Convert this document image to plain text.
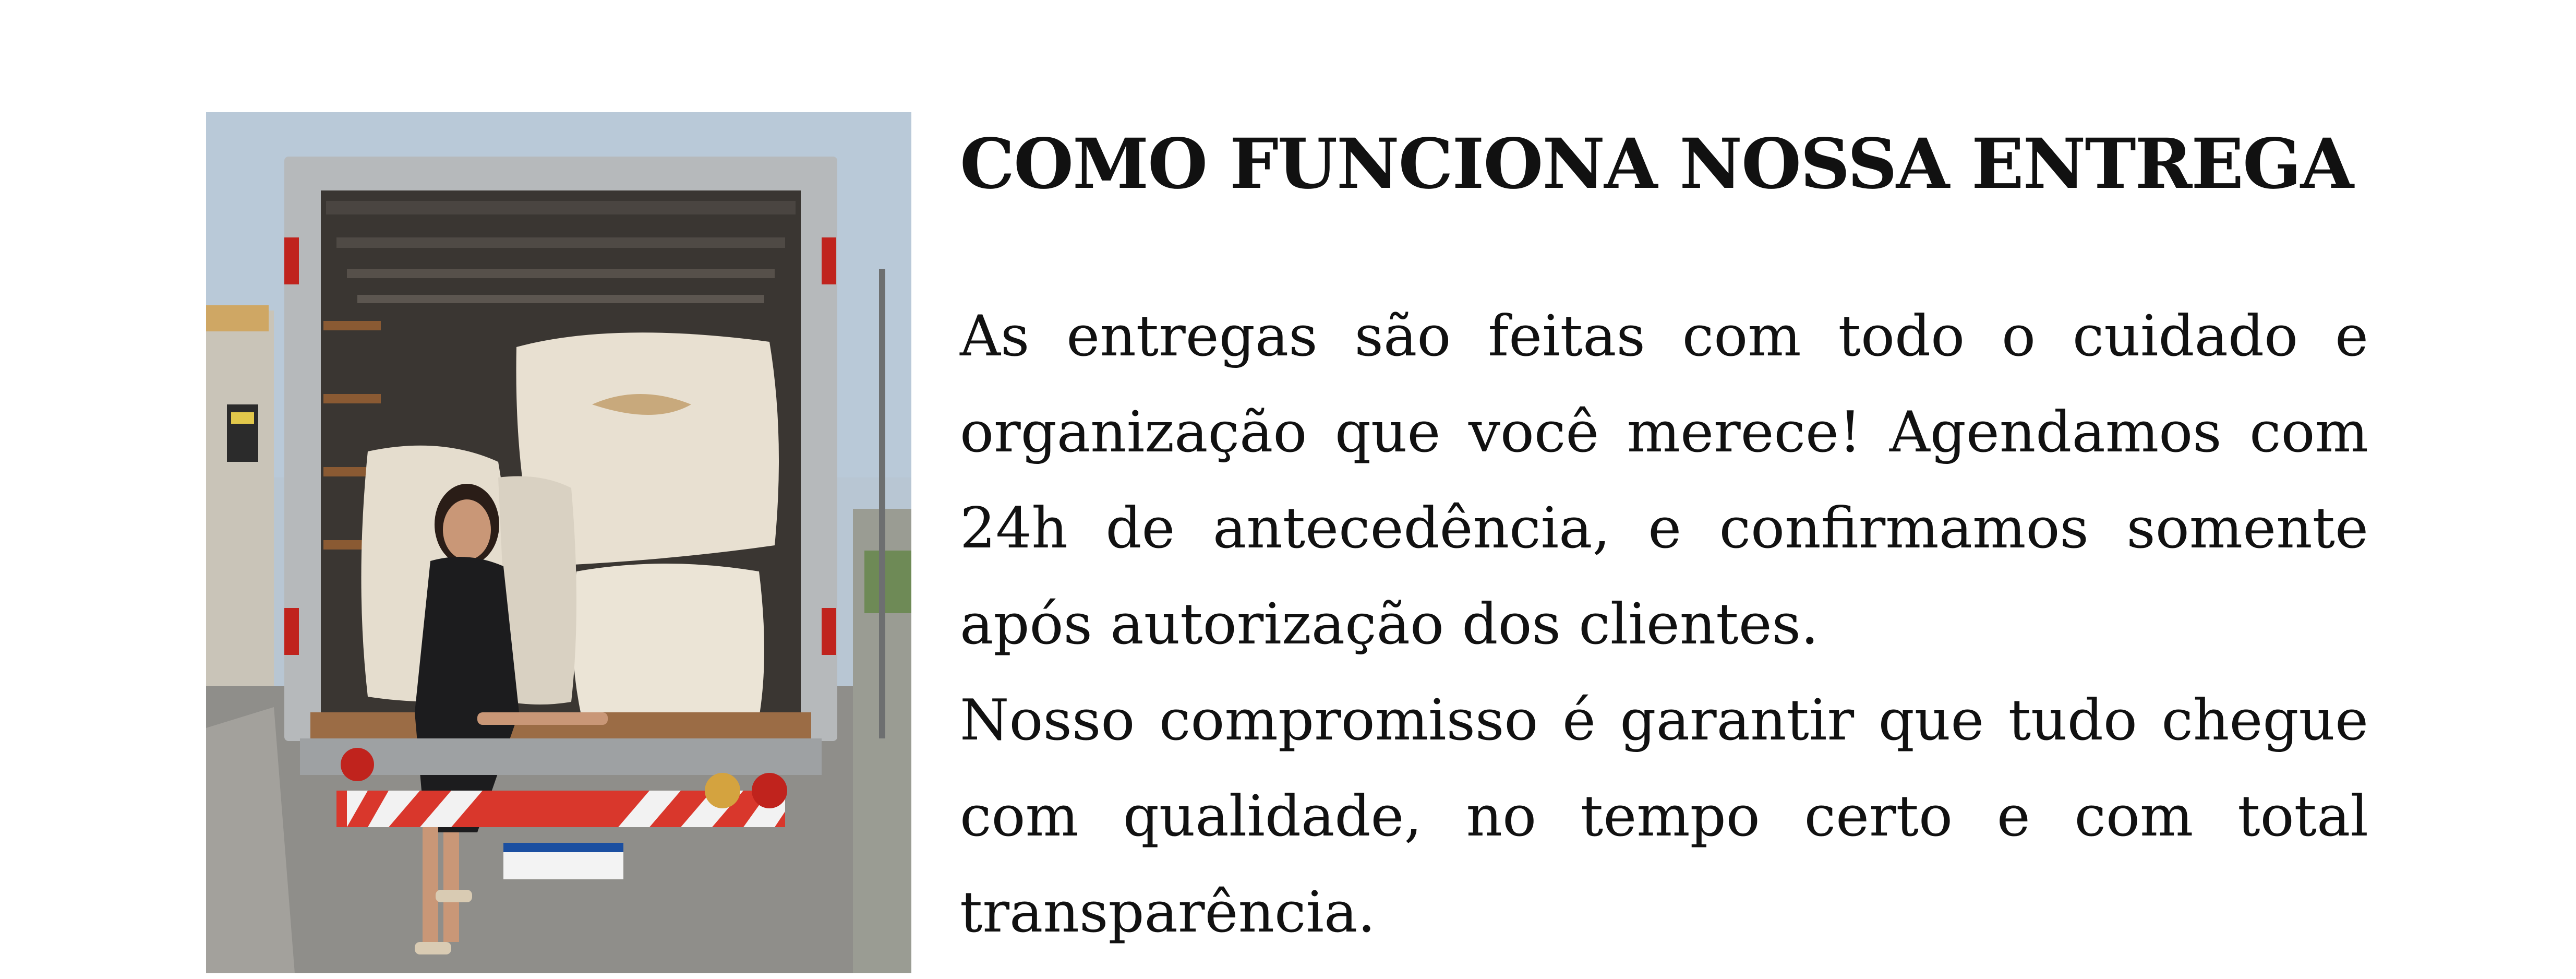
COMO FUNCIONA NOSSA ENTREGA

As entregas são feitas com todo o cuidado e organização que você merece! Agendamos com 24h de antecedência, e confirmamos somente após autorização dos clientes.

Nosso compromisso é garantir que tudo chegue com qualidade, no tempo certo e com total transparência.
